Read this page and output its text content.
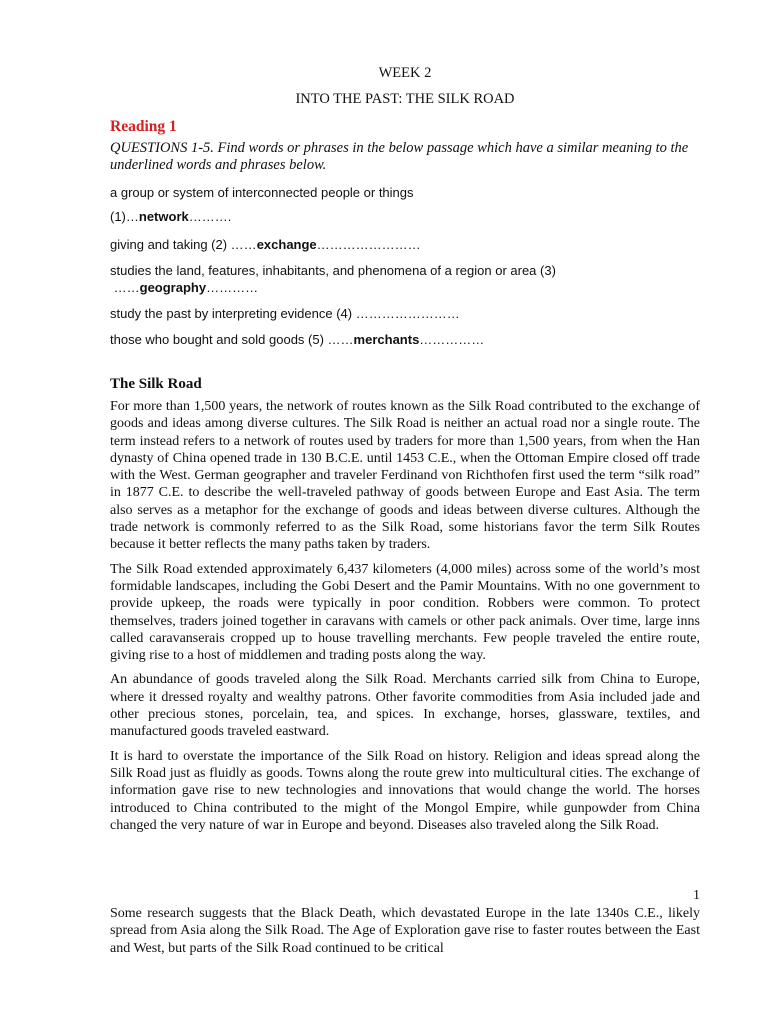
WEEK 2
INTO THE PAST: THE SILK ROAD
Reading 1
QUESTIONS 1-5. Find words or phrases in the below passage which have a similar meaning to the underlined words and phrases below.
a group or system of interconnected people or things
(1)…network……….
giving and taking (2) ……exchange……………………
studies the land, features, inhabitants, and phenomena of a region or area (3)
……geography…………
study the past by interpreting evidence (4) ……………………
those who bought and sold goods (5) ……merchants……………
The Silk Road

For more than 1,500 years, the network of routes known as the Silk Road contributed to the exchange of goods and ideas among diverse cultures. The Silk Road is neither an actual road nor a single route. The term instead refers to a network of routes used by traders for more than 1,500 years, from when the Han dynasty of China opened trade in 130 B.C.E. until 1453 C.E., when the Ottoman Empire closed off trade with the West. German geographer and traveler Ferdinand von Richthofen first used the term “silk road” in 1877 C.E. to describe the well-traveled pathway of goods between Europe and East Asia. The term also serves as a metaphor for the exchange of goods and ideas between diverse cultures. Although the trade network is commonly referred to as the Silk Road, some historians favor the term Silk Routes because it better reflects the many paths taken by traders.

The Silk Road extended approximately 6,437 kilometers (4,000 miles) across some of the world’s most formidable landscapes, including the Gobi Desert and the Pamir Mountains. With no one government to provide upkeep, the roads were typically in poor condition. Robbers were common. To protect themselves, traders joined together in caravans with camels or other pack animals. Over time, large inns called caravanserais cropped up to house travelling merchants. Few people traveled the entire route, giving rise to a host of middlemen and trading posts along the way.

An abundance of goods traveled along the Silk Road. Merchants carried silk from China to Europe, where it dressed royalty and wealthy patrons. Other favorite commodities from Asia included jade and other precious stones, porcelain, tea, and spices. In exchange, horses, glassware, textiles, and manufactured goods traveled eastward.

It is hard to overstate the importance of the Silk Road on history. Religion and ideas spread along the Silk Road just as fluidly as goods. Towns along the route grew into multicultural cities. The exchange of information gave rise to new technologies and innovations that would change the world. The horses introduced to China contributed to the might of the Mongol Empire, while gunpowder from China changed the very nature of war in Europe and beyond. Diseases also traveled along the Silk Road.

1

Some research suggests that the Black Death, which devastated Europe in the late 1340s C.E., likely spread from Asia along the Silk Road. The Age of Exploration gave rise to faster routes between the East and West, but parts of the Silk Road continued to be critical
